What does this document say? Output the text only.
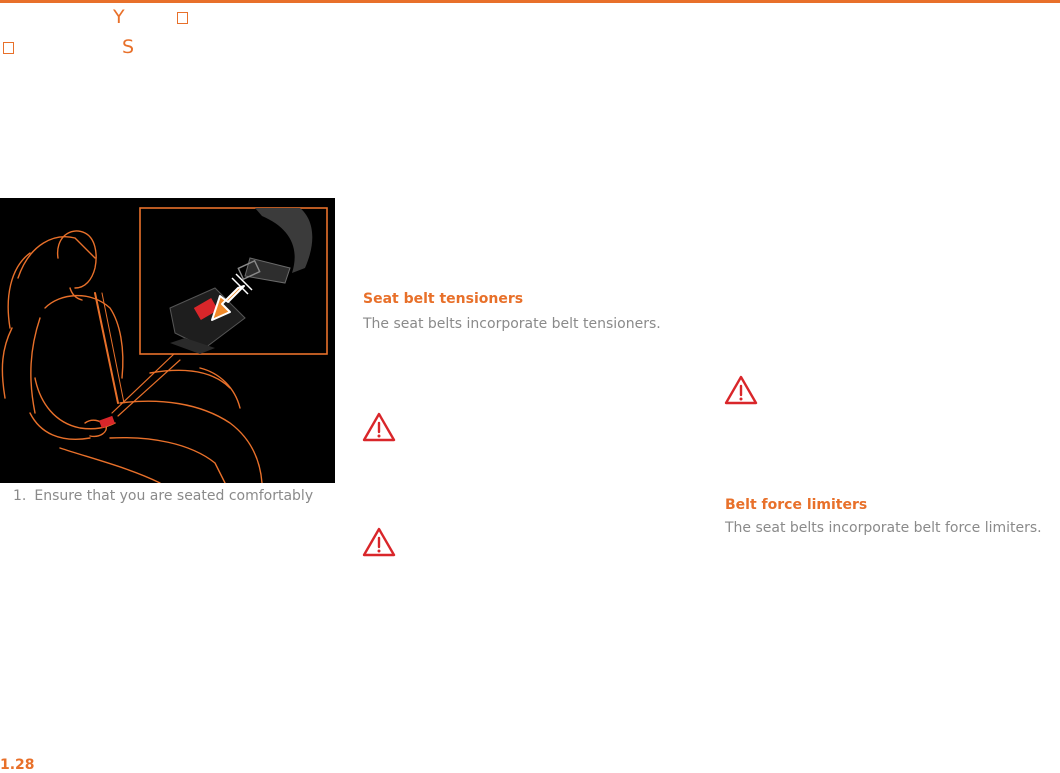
Y
S
1. Ensure that you are seated comfortably
Seat belt tensioners
The seat belts incorporate belt tensioners.
Belt force limiters
The seat belts incorporate belt force limiters.
1.28
